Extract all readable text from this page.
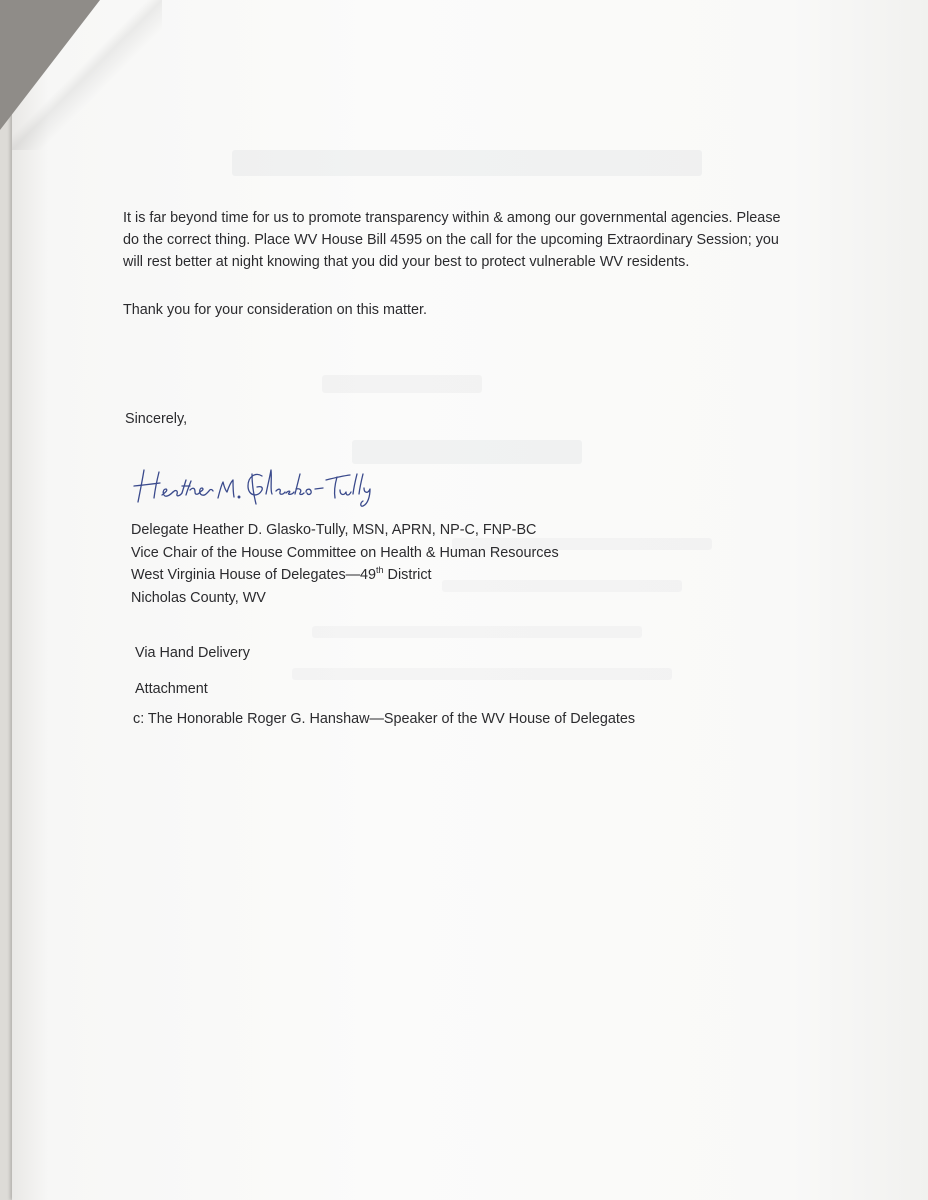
It is far beyond time for us to promote transparency within & among our governmental agencies. Please
do the correct thing. Place WV House Bill 4595 on the call for the upcoming Extraordinary Session; you
will rest better at night knowing that you did your best to protect vulnerable WV residents.
Thank you for your consideration on this matter.
Sincerely,
Delegate Heather D. Glasko-Tully, MSN, APRN, NP-C, FNP-BC
Vice Chair of the House Committee on Health & Human Resources
West Virginia House of Delegates—49th District
Nicholas County, WV
Via Hand Delivery
Attachment
c: The Honorable Roger G. Hanshaw—Speaker of the WV House of Delegates
